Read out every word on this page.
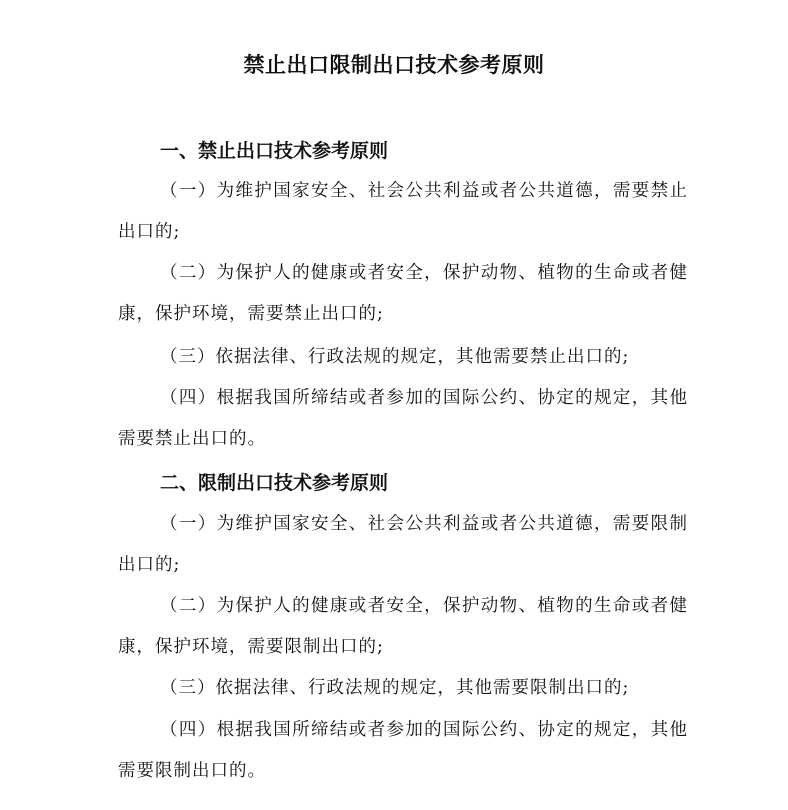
禁止出口限制出口技术参考原则
一、禁止出口技术参考原则
（一）为维护国家安全、社会公共利益或者公共道德，需要禁止出口的;
（二）为保护人的健康或者安全，保护动物、植物的生命或者健康，保护环境，需要禁止出口的;
（三）依据法律、行政法规的规定，其他需要禁止出口的;
（四）根据我国所缔结或者参加的国际公约、协定的规定，其他需要禁止出口的。
二、限制出口技术参考原则
（一）为维护国家安全、社会公共利益或者公共道德，需要限制出口的;
（二）为保护人的健康或者安全，保护动物、植物的生命或者健康，保护环境，需要限制出口的;
（三）依据法律、行政法规的规定，其他需要限制出口的;
（四）根据我国所缔结或者参加的国际公约、协定的规定，其他需要限制出口的。
